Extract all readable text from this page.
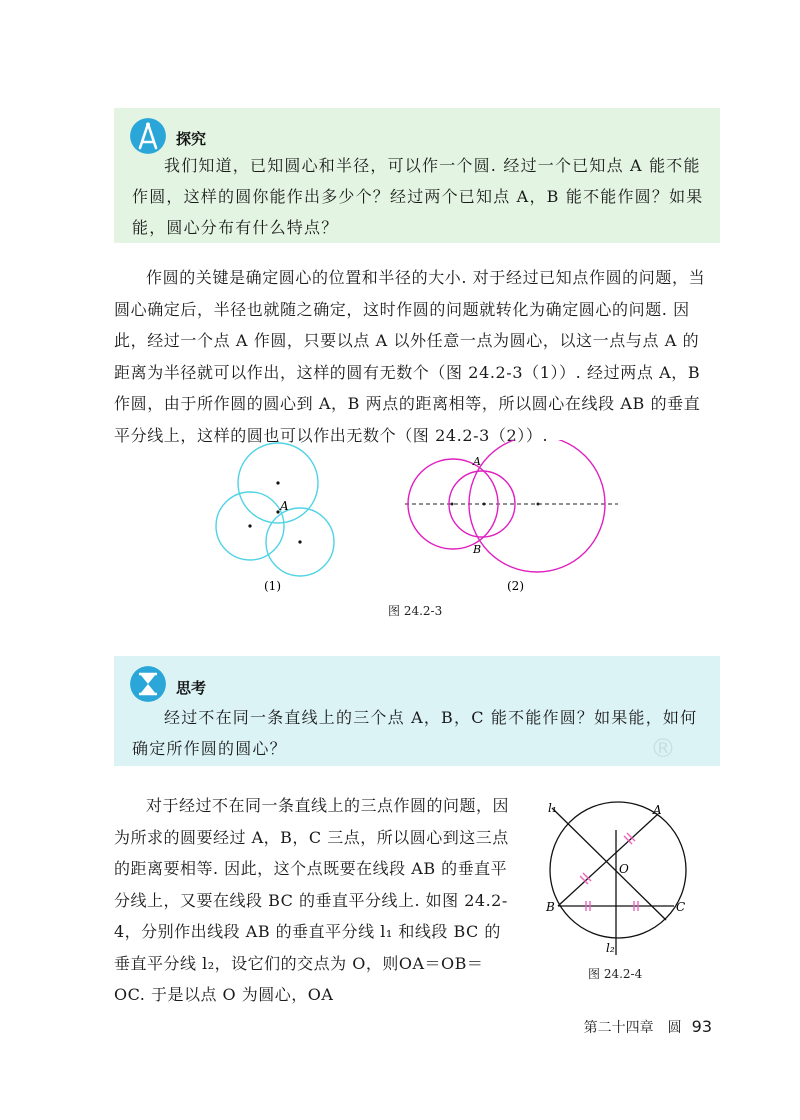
探究

我们知道，已知圆心和半径，可以作一个圆. 经过一个已知点 A 能不能作圆，这样的圆你能作出多少个？经过两个已知点 A，B 能不能作圆？如果能，圆心分布有什么特点？

作圆的关键是确定圆心的位置和半径的大小. 对于经过已知点作圆的问题，当圆心确定后，半径也就随之确定，这时作圆的问题就转化为确定圆心的问题. 因此，经过一个点 A 作圆，只要以点 A 以外任意一点为圆心，以这一点与点 A 的距离为半径就可以作出，这样的圆有无数个（图 24.2-3（1））. 经过两点 A，B 作圆，由于所作圆的圆心到 A，B 两点的距离相等，所以圆心在线段 AB 的垂直平分线上，这样的圆也可以作出无数个（图 24.2-3（2））.

A
(1)
A
B
(2)
图 24.2-3
思考

经过不在同一条直线上的三个点 A，B，C 能不能作圆？如果能，如何确定所作圆的圆心？	®

对于经过不在同一条直线上的三点作圆的问题，因为所求的圆要经过 A，B，C 三点，所以圆心到这三点的距离要相等. 因此，这个点既要在线段 AB 的垂直平分线上，又要在线段 BC 的垂直平分线上. 如图 24.2-4，分别作出线段 AB 的垂直平分线 l₁ 和线段 BC 的垂直平分线 l₂，设它们的交点为 O，则OA＝OB＝OC. 于是以点 O 为圆心，OA

l₁	A
O
B	C
l₂
图 24.2-4
第二十四章　圆 93
